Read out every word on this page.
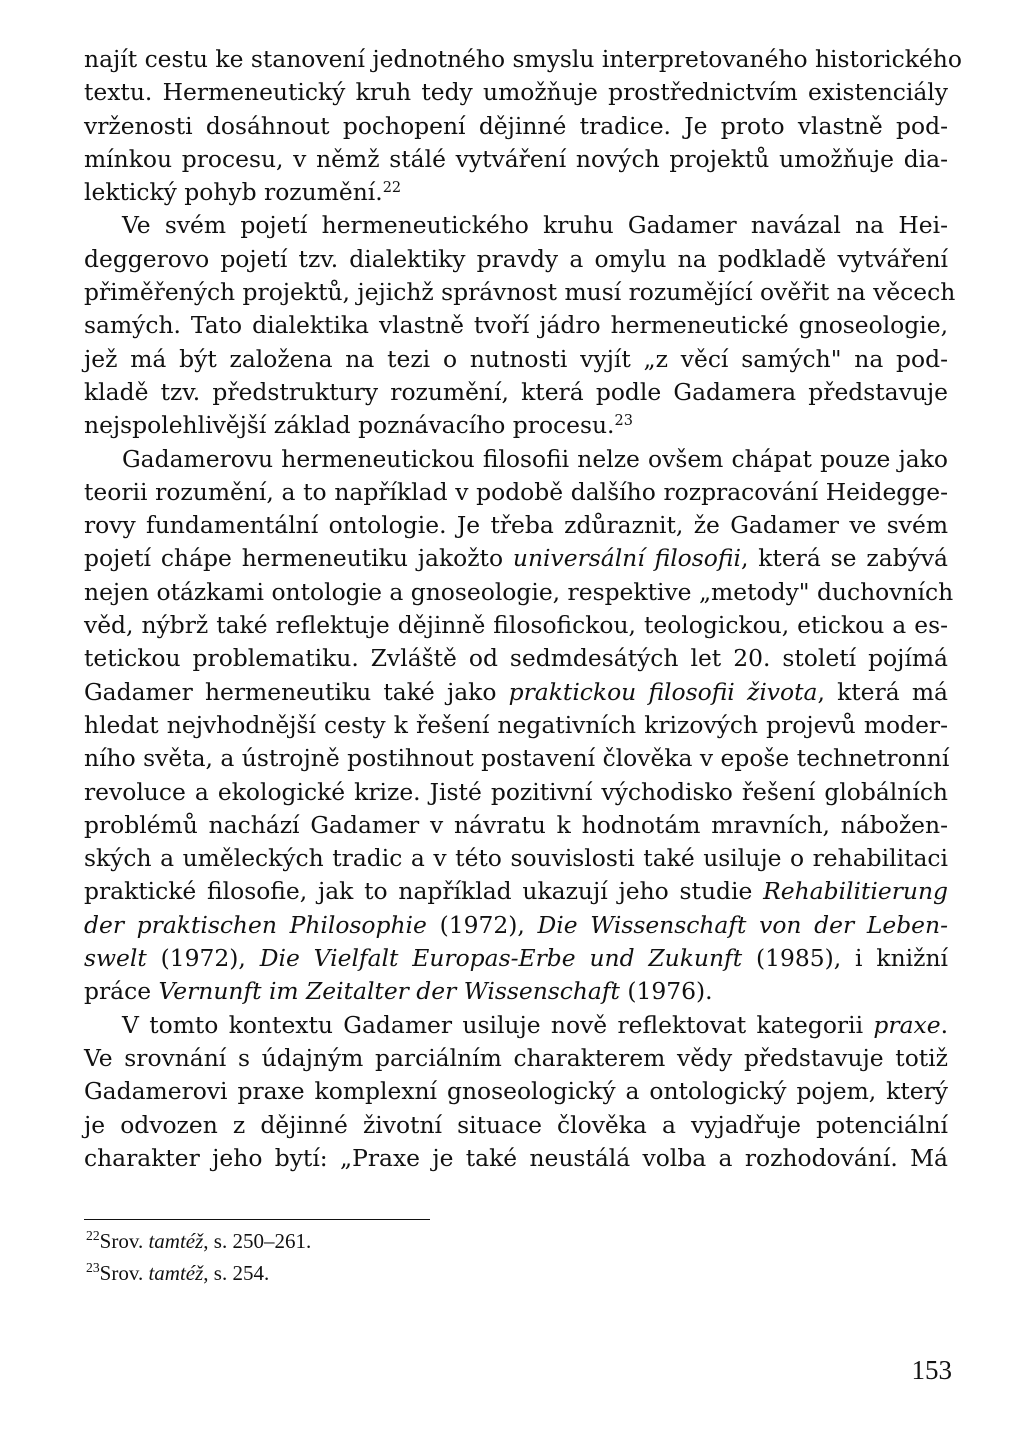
najít cestu ke stanovení jednotného smyslu interpretovaného historického
textu. Hermeneutický kruh tedy umožňuje prostřednictvím existenciály
vrženosti dosáhnout pochopení dějinné tradice. Je proto vlastně pod-
mínkou procesu, v němž stálé vytváření nových projektů umožňuje dia-
lektický pohyb rozumění.$^{22}$
Ve svém pojetí hermeneutického kruhu Gadamer navázal na Hei-
deggerovo pojetí tzv. dialektiky pravdy a omylu na podkladě vytváření
přiměřených projektů, jejichž správnost musí rozumějící ověřit na věcech
samých. Tato dialektika vlastně tvoří jádro hermeneutické gnoseologie,
jež má být založena na tezi o nutnosti vyjít „z věcí samých" na pod-
kladě tzv. předstruktury rozumění, která podle Gadamera představuje
nejspolehlivější základ poznávacího procesu.$^{23}$
Gadamerovu hermeneutickou filosofii nelze ovšem chápat pouze jako
teorii rozumění, a to například v podobě dalšího rozpracování Heidegge-
rovy fundamentální ontologie. Je třeba zdůraznit, že Gadamer ve svém
pojetí chápe hermeneutiku jakožto universální filosofii, která se zabývá
nejen otázkami ontologie a gnoseologie, respektive „metody" duchovních
věd, nýbrž také reflektuje dějinně filosofickou, teologickou, etickou a es-
tetickou problematiku. Zvláště od sedmdesátých let 20. století pojímá
Gadamer hermeneutiku také jako praktickou filosofii života, která má
hledat nejvhodnější cesty k řešení negativních krizových projevů moder-
ního světa, a ústrojně postihnout postavení člověka v epoše technetronní
revoluce a ekologické krize. Jisté pozitivní východisko řešení globálních
problémů nachází Gadamer v návratu k hodnotám mravních, nábožen-
ských a uměleckých tradic a v této souvislosti také usiluje o rehabilitaci
praktické filosofie, jak to například ukazují jeho studie Rehabilitierung
der praktischen Philosophie (1972), Die Wissenschaft von der Leben-
swelt (1972), Die Vielfalt Europas-Erbe und Zukunft (1985), i knižní
práce Vernunft im Zeitalter der Wissenschaft (1976).
V tomto kontextu Gadamer usiluje nově reflektovat kategorii praxe.
Ve srovnání s údajným parciálním charakterem vědy představuje totiž
Gadamerovi praxe komplexní gnoseologický a ontologický pojem, který
je odvozen z dějinné životní situace člověka a vyjadřuje potenciální
charakter jeho bytí: „Praxe je také neustálá volba a rozhodování. Má
$^{22}$Srov. tamtéž, s. 250–261.
$^{23}$Srov. tamtéž, s. 254.
153
